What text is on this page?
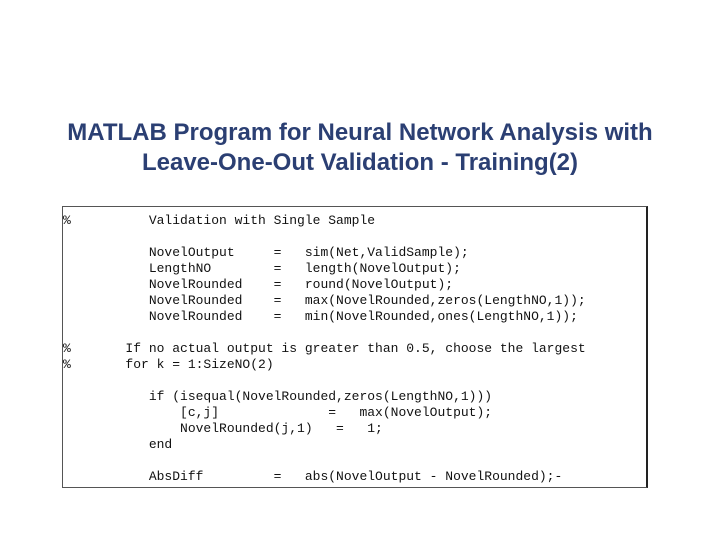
MATLAB Program for Neural Network Analysis with
Leave-One-Out Validation - Training(2)
%          Validation with Single Sample
NovelOutput     =   sim(Net,ValidSample);
LengthNO        =   length(NovelOutput);
NovelRounded    =   round(NovelOutput);
NovelRounded    =   max(NovelRounded,zeros(LengthNO,1));
NovelRounded    =   min(NovelRounded,ones(LengthNO,1));
%       If no actual output is greater than 0.5, choose the largest
%       for k = 1:SizeNO(2)
if (isequal(NovelRounded,zeros(LengthNO,1)))
[c,j]              =   max(NovelOutput);
NovelRounded(j,1)   =   1;
end
AbsDiff         =   abs(NovelOutput - NovelRounded);-
